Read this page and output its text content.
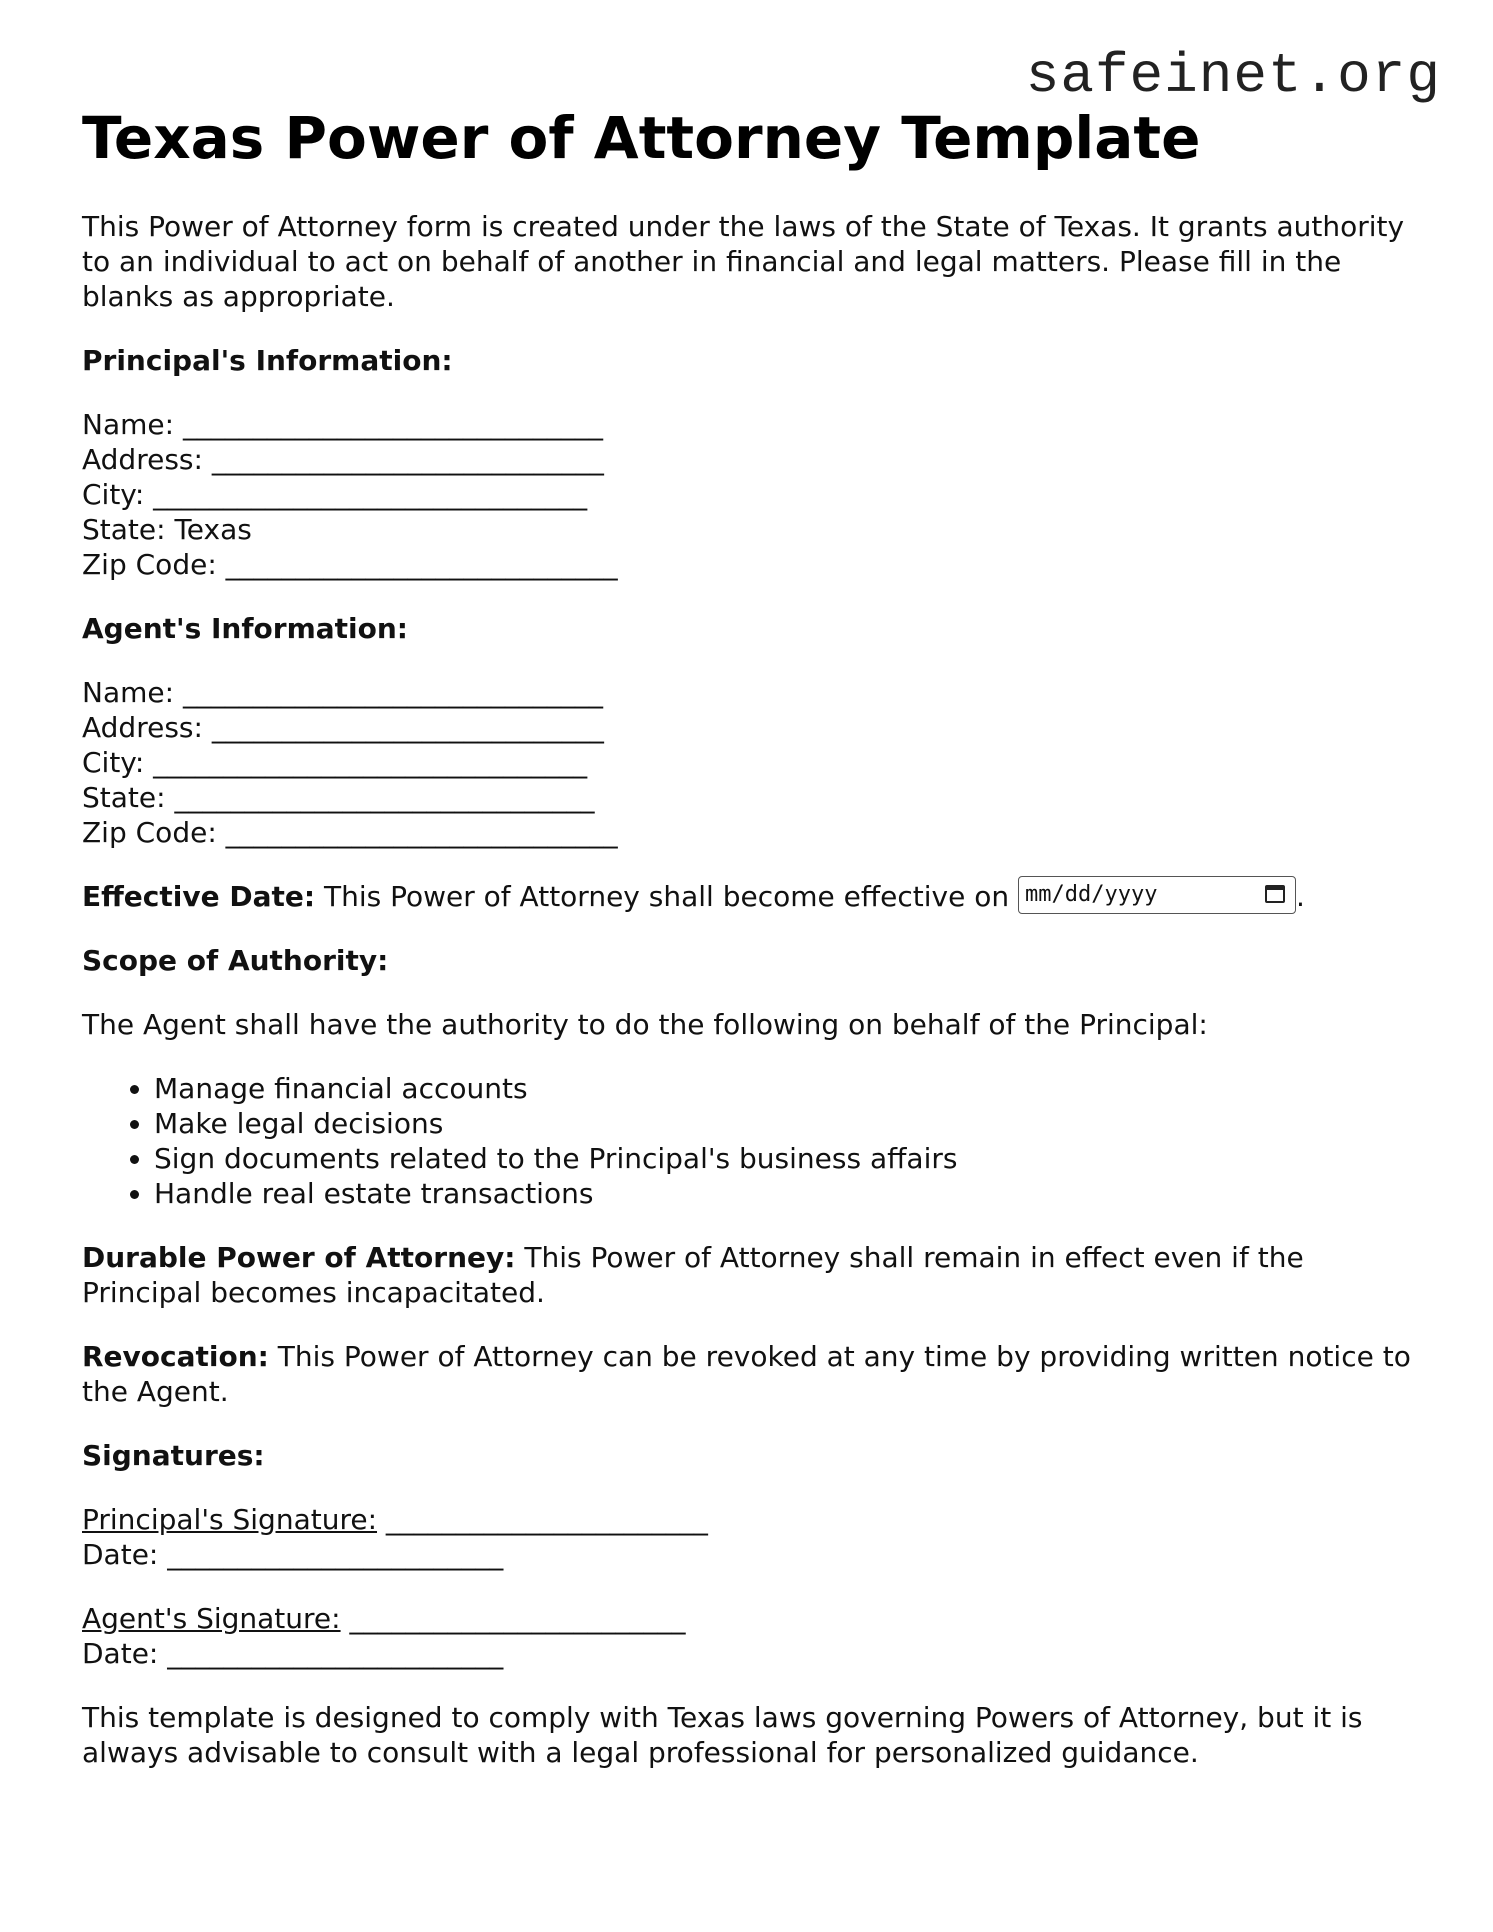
safeinet.org
Texas Power of Attorney Template

This Power of Attorney form is created under the laws of the State of Texas. It grants authority to an individual to act on behalf of another in financial and legal matters. Please fill in the blanks as appropriate.

Principal's Information:
Name: ______________________________
Address: ____________________________
City: _______________________________
State: Texas
Zip Code: ____________________________
Agent's Information:
Name: ______________________________
Address: ____________________________
City: _______________________________
State: ______________________________
Zip Code: ____________________________

Effective Date: This Power of Attorney shall become effective on mm/dd/yyyy	.

Scope of Authority:

The Agent shall have the authority to do the following on behalf of the Principal:

• Manage financial accounts
• Make legal decisions
• Sign documents related to the Principal's business affairs
• Handle real estate transactions

Durable Power of Attorney: This Power of Attorney shall remain in effect even if the Principal becomes incapacitated.

Revocation: This Power of Attorney can be revoked at any time by providing written notice to the Agent.

Signatures:
Principal's Signature: _______________________
Date: ________________________
Agent's Signature: ________________________
Date: ________________________

This template is designed to comply with Texas laws governing Powers of Attorney, but it is always advisable to consult with a legal professional for personalized guidance.
